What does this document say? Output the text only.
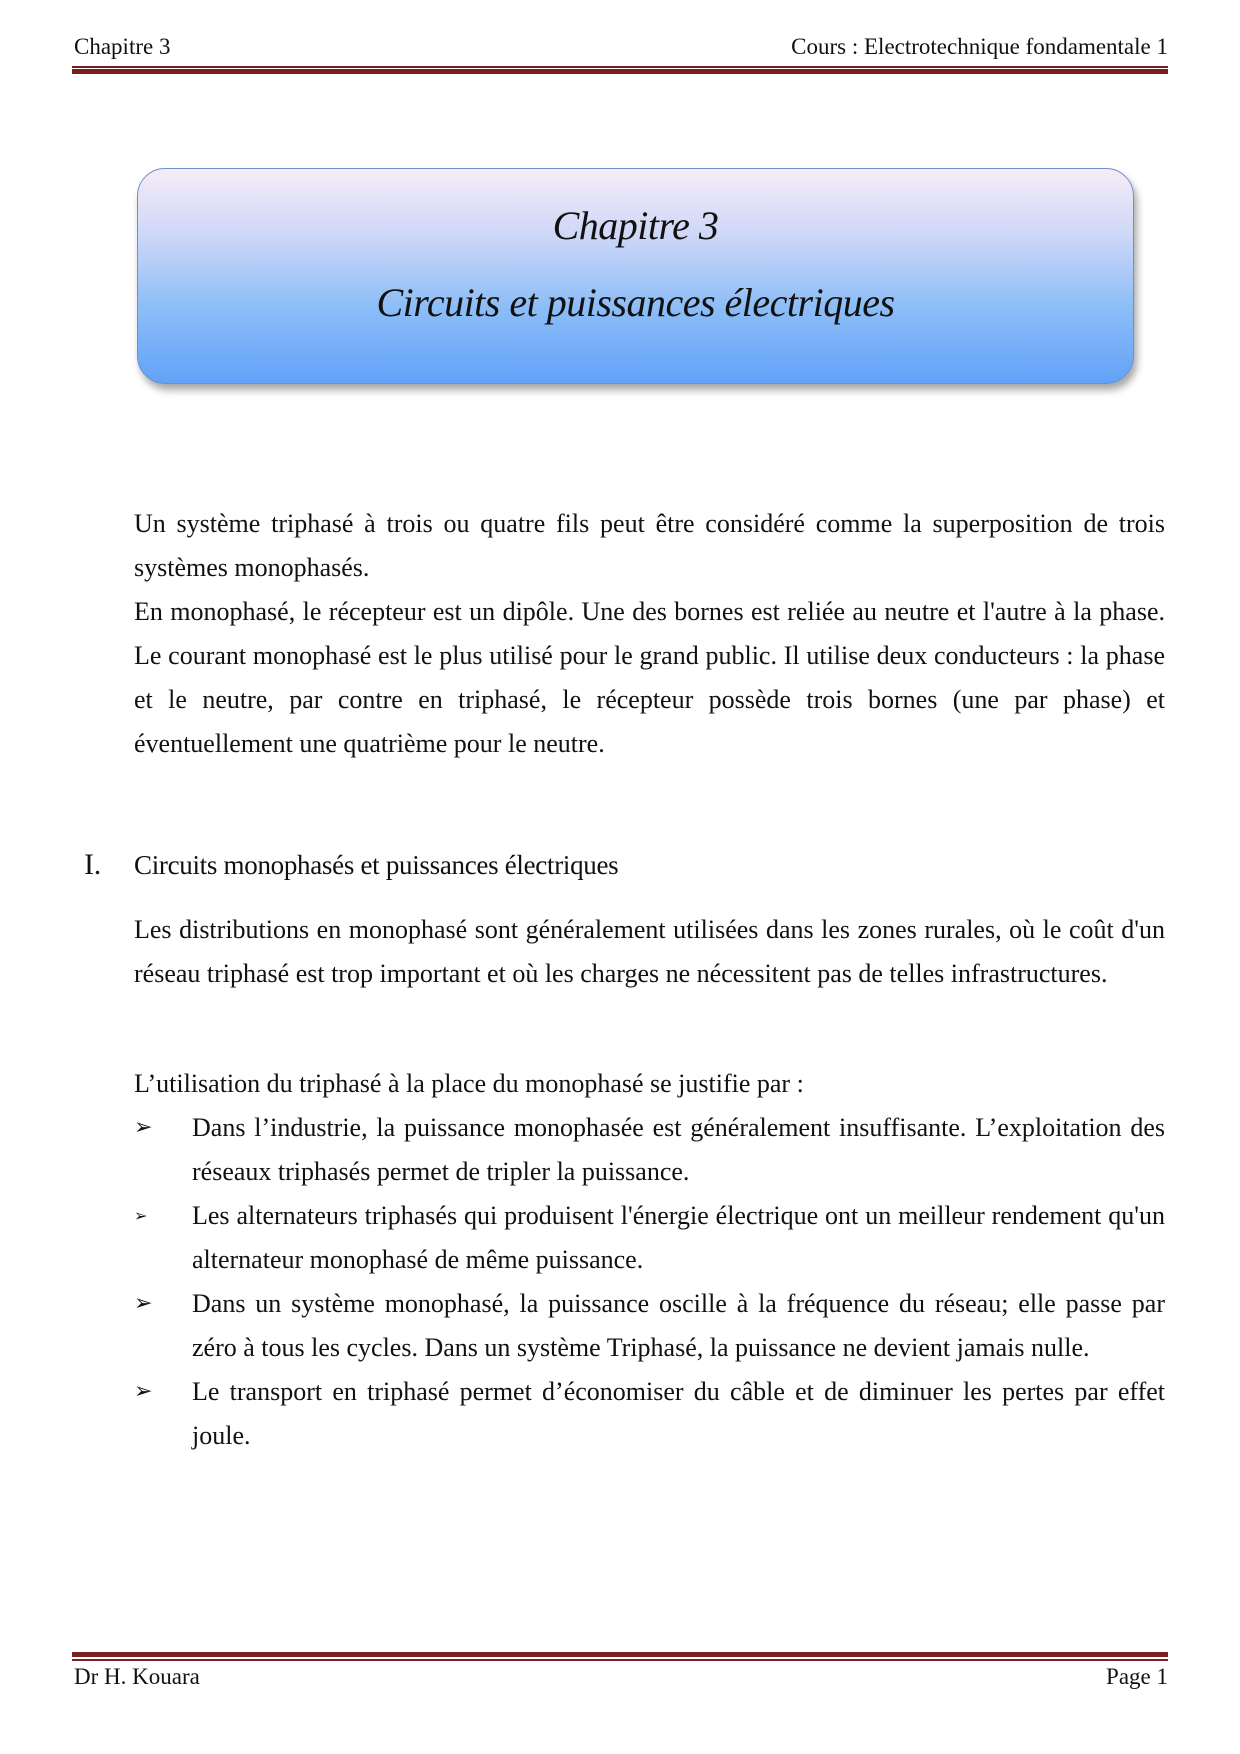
Chapitre 3	Cours : Electrotechnique fondamentale 1
Chapitre 3
Circuits et puissances électriques

Un système triphasé à trois ou quatre fils peut être considéré comme la superposition de trois systèmes monophasés.

En monophasé, le récepteur est un dipôle. Une des bornes est reliée au neutre et l'autre à la phase. Le courant monophasé est le plus utilisé pour le grand public. Il utilise deux conducteurs : la phase et le neutre, par contre en triphasé, le récepteur possède trois bornes (une par phase) et éventuellement une quatrième pour le neutre.

I. Circuits monophasés et puissances électriques

Les distributions en monophasé sont généralement utilisées dans les zones rurales, où le coût d'un réseau triphasé est trop important et où les charges ne nécessitent pas de telles infrastructures.

L’utilisation du triphasé à la place du monophasé se justifie par :

➢ Dans l’industrie, la puissance monophasée est généralement insuffisante. L’exploitation des réseaux triphasés permet de tripler la puissance.
➢ Les alternateurs triphasés qui produisent l'énergie électrique ont un meilleur rendement qu'un alternateur monophasé de même puissance.
➢ Dans un système monophasé, la puissance oscille à la fréquence du réseau; elle passe par zéro à tous les cycles. Dans un système Triphasé, la puissance ne devient jamais nulle.
➢ Le transport en triphasé permet d’économiser du câble et de diminuer les pertes par effet joule.
Dr H. Kouara	Page 1
